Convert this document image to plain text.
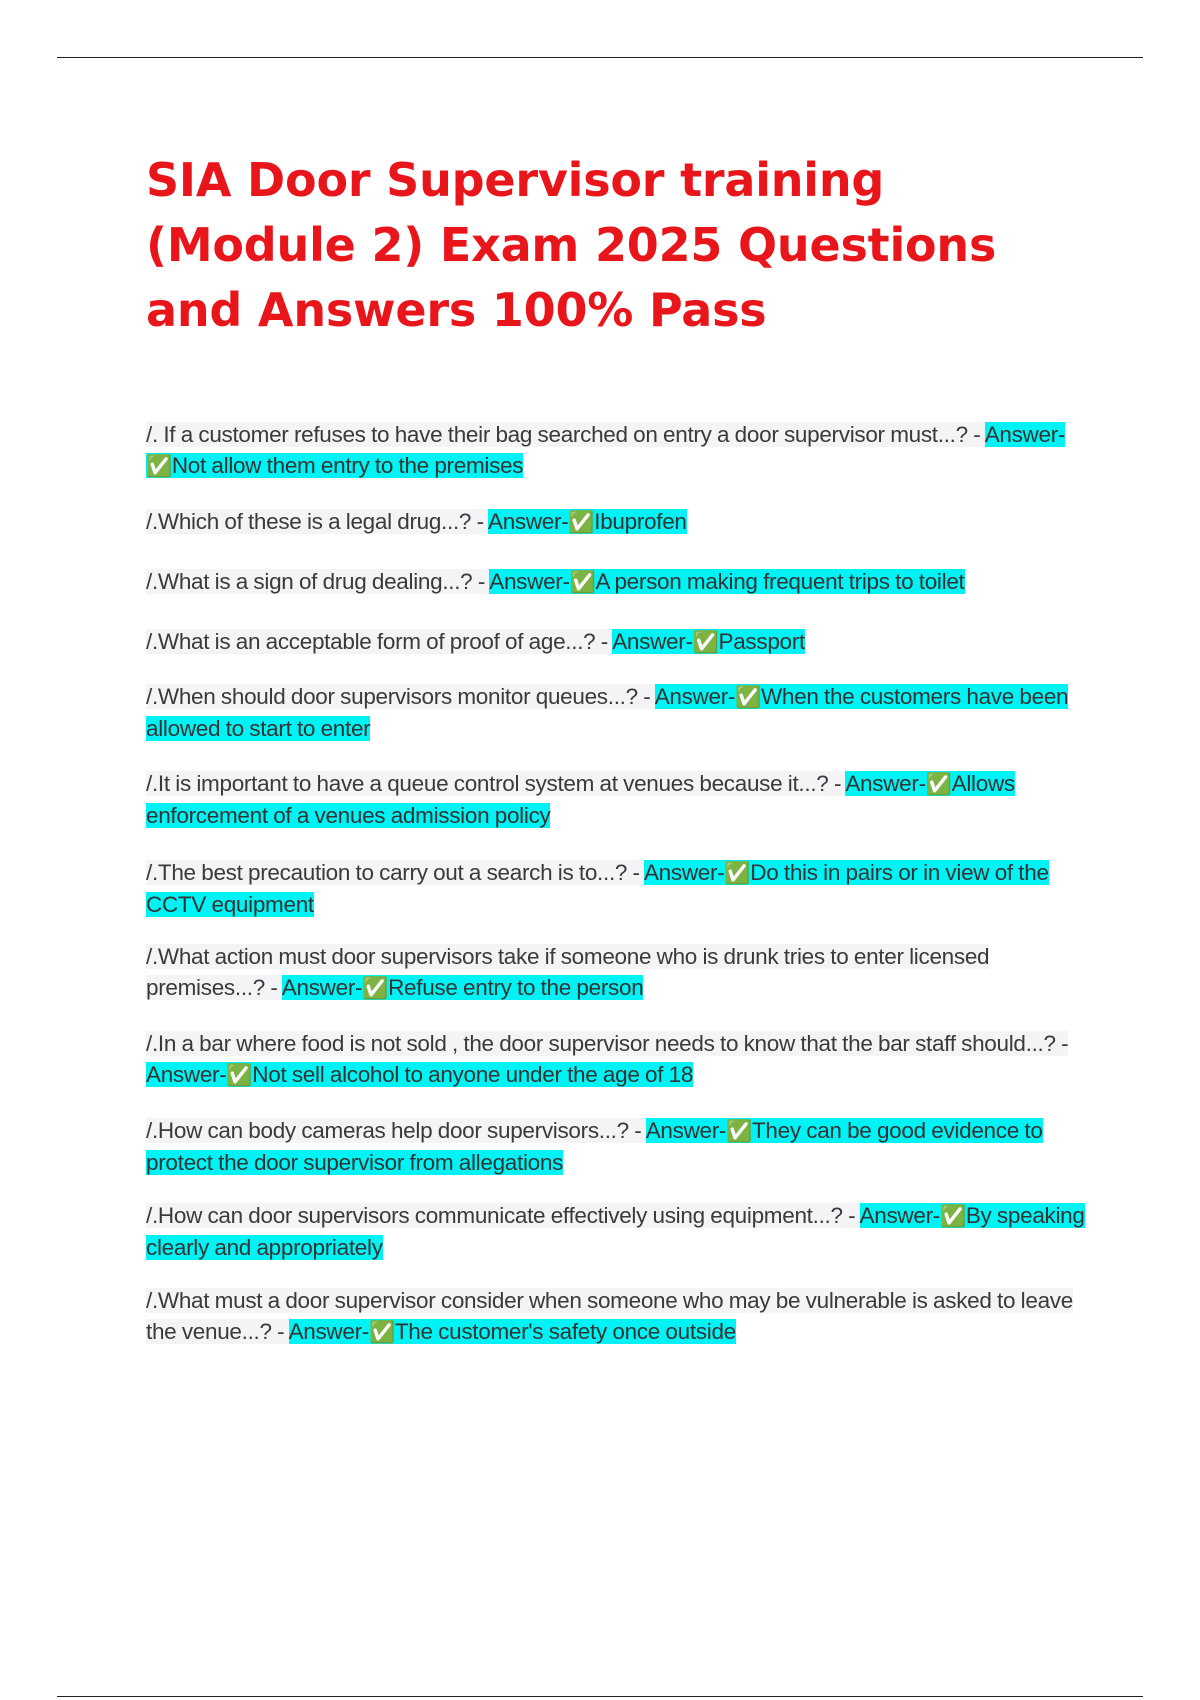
SIA Door Supervisor training (Module 2) Exam 2025 Questions and Answers 100% Pass
/. If a customer refuses to have their bag searched on entry a door supervisor must...? - Answer-✅Not allow them entry to the premises
/.Which of these is a legal drug...? - Answer-✅Ibuprofen
/.What is a sign of drug dealing...? - Answer-✅A person making frequent trips to toilet
/.What is an acceptable form of proof of age...? - Answer-✅Passport
/.When should door supervisors monitor queues...? - Answer-✅When the customers have been allowed to start to enter
/.It is important to have a queue control system at venues because it...? - Answer-✅Allows enforcement of a venues admission policy
/.The best precaution to carry out a search is to...? - Answer-✅Do this in pairs or in view of the CCTV equipment
/.What action must door supervisors take if someone who is drunk tries to enter licensed premises...? - Answer-✅Refuse entry to the person
/.In a bar where food is not sold , the door supervisor needs to know that the bar staff should...? - Answer-✅Not sell alcohol to anyone under the age of 18
/.How can body cameras help door supervisors...? - Answer-✅They can be good evidence to protect the door supervisor from allegations
/.How can door supervisors communicate effectively using equipment...? - Answer-✅By speaking clearly and appropriately
/.What must a door supervisor consider when someone who may be vulnerable is asked to leave the venue...? - Answer-✅The customer's safety once outside
